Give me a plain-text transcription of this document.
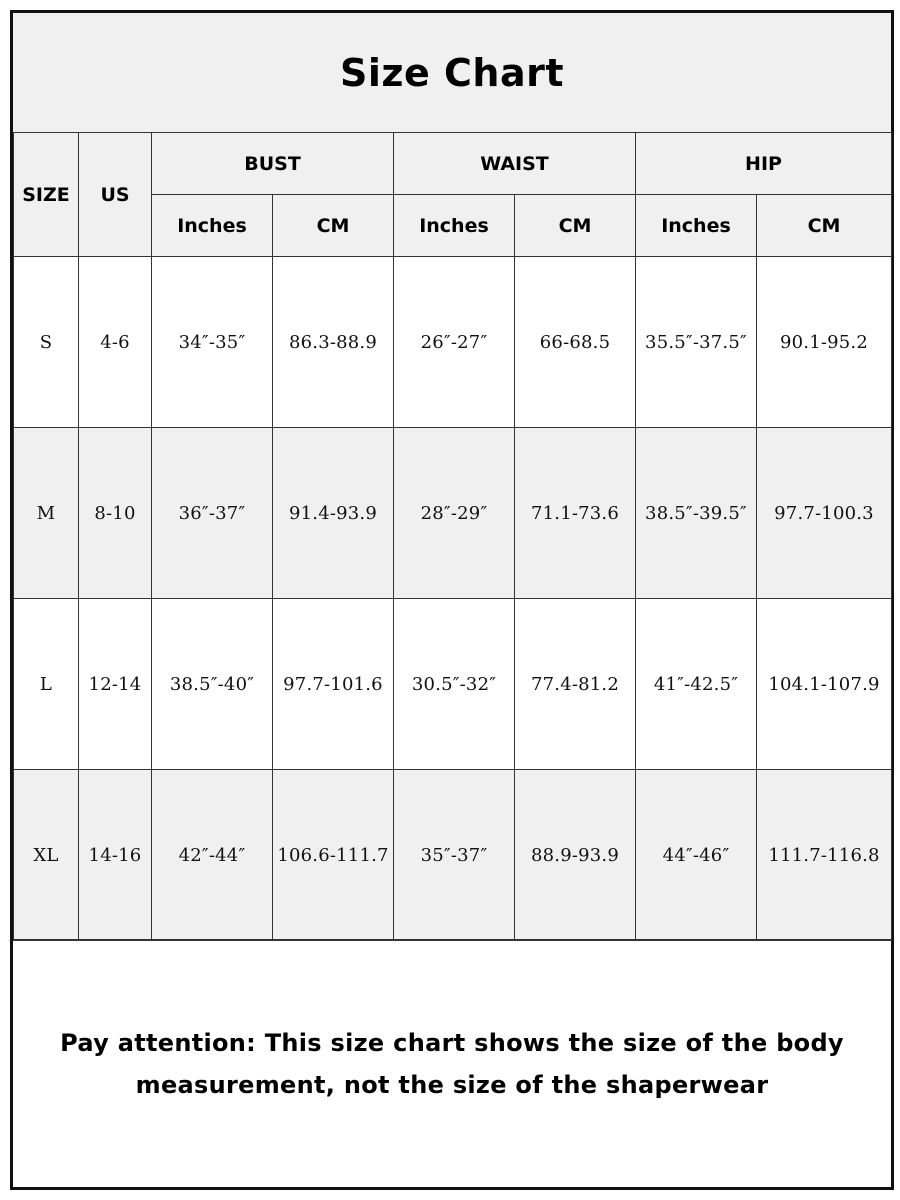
Size Chart
SIZE	US	BUST		WAIST		HIP	
		Inches	CM	Inches	CM	Inches	CM
S	4-6	34″-35″	86.3-88.9	26″-27″	66-68.5	35.5″-37.5″	90.1-95.2
M	8-10	36″-37″	91.4-93.9	28″-29″	71.1-73.6	38.5″-39.5″	97.7-100.3
L	12-14	38.5″-40″	97.7-101.6	30.5″-32″	77.4-81.2	41″-42.5″	104.1-107.9
XL	14-16	42″-44″	106.6-111.7	35″-37″	88.9-93.9	44″-46″	111.7-116.8

Pay attention: This size chart shows the size of the body
measurement, not the size of the shaperwear
